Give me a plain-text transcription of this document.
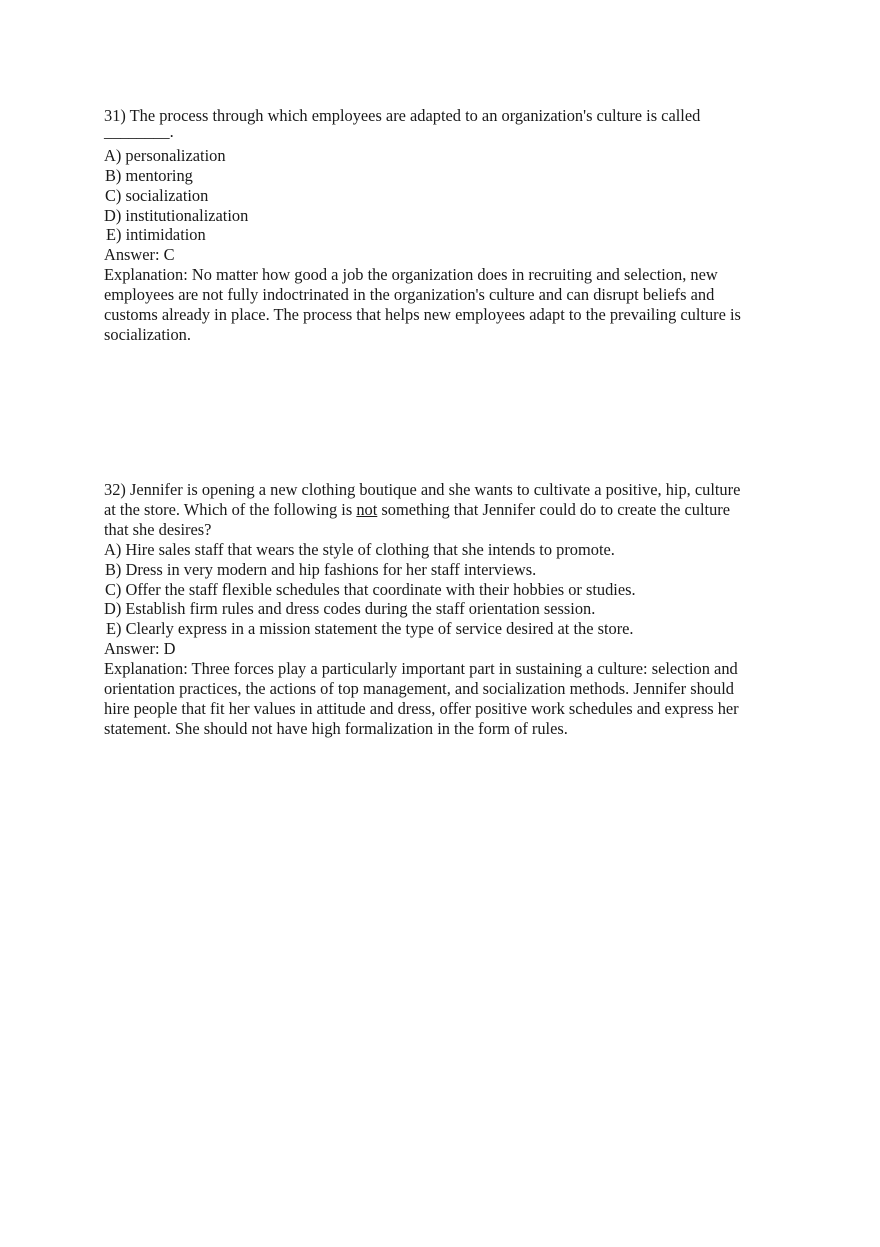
31) The process through which employees are adapted to an organization's culture is called
________.
A) personalization
B) mentoring
C) socialization
D) institutionalization
E) intimidation
Answer: C
Explanation: No matter how good a job the organization does in recruiting and selection, new
employees are not fully indoctrinated in the organization's culture and can disrupt beliefs and
customs already in place. The process that helps new employees adapt to the prevailing culture is
socialization.
32) Jennifer is opening a new clothing boutique and she wants to cultivate a positive, hip, culture
at the store. Which of the following is not something that Jennifer could do to create the culture
that she desires?
A) Hire sales staff that wears the style of clothing that she intends to promote.
B) Dress in very modern and hip fashions for her staff interviews.
C) Offer the staff flexible schedules that coordinate with their hobbies or studies.
D) Establish firm rules and dress codes during the staff orientation session.
E) Clearly express in a mission statement the type of service desired at the store.
Answer: D
Explanation: Three forces play a particularly important part in sustaining a culture: selection and
orientation practices, the actions of top management, and socialization methods. Jennifer should
hire people that fit her values in attitude and dress, offer positive work schedules and express her
statement. She should not have high formalization in the form of rules.
